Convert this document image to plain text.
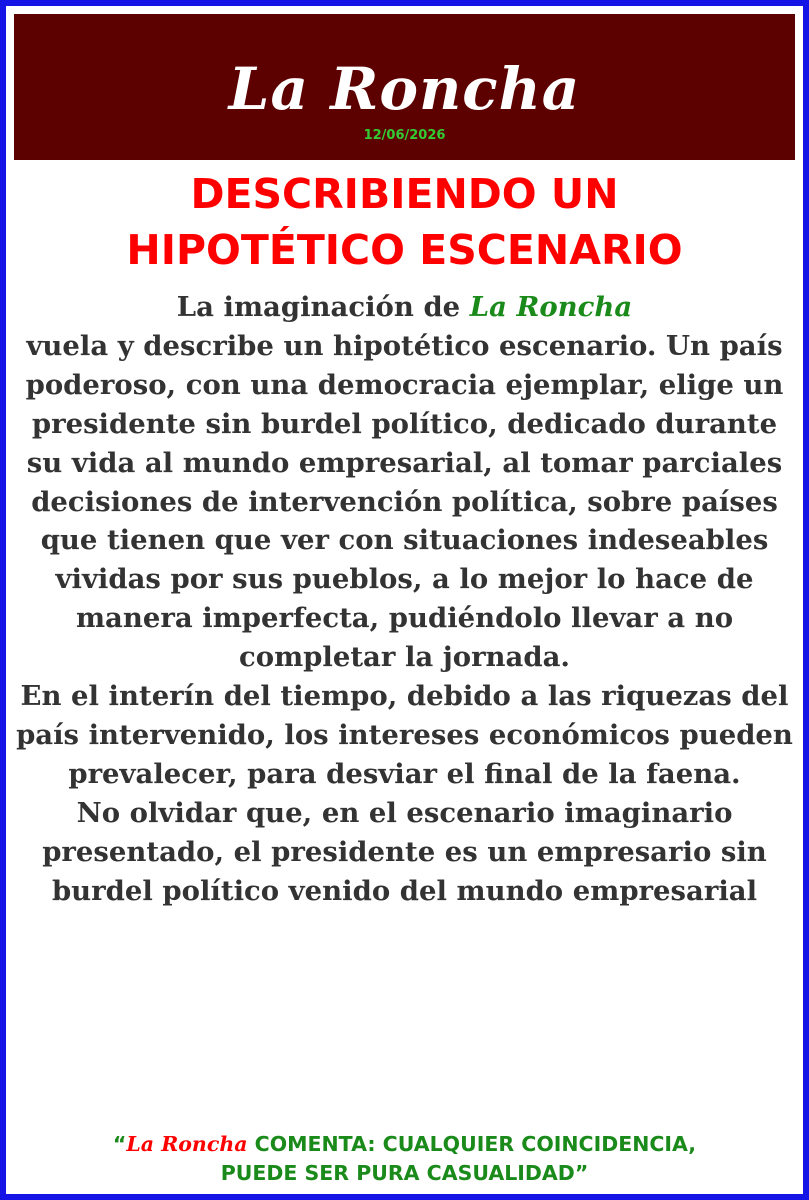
La Roncha
12/06/2026
DESCRIBIENDO UN
HIPOTÉTICO ESCENARIO

La imaginación de La Roncha
vuela y describe un hipotético escenario. Un país poderoso, con una democracia ejemplar, elige un presidente sin burdel político, dedicado durante su vida al mundo empresarial, al tomar parciales decisiones de intervención política, sobre países que tienen que ver con situaciones indeseables vividas por sus pueblos, a lo mejor lo hace de manera imperfecta, pudiéndolo llevar a no completar la jornada.

En el interín del tiempo, debido a las riquezas del país intervenido, los intereses económicos pueden prevalecer, para desviar el final de la faena.

No olvidar que, en el escenario imaginario presentado, el presidente es un empresario sin burdel político venido del mundo empresarial

“La Roncha COMENTA: CUALQUIER COINCIDENCIA,
PUEDE SER PURA CASUALIDAD”
